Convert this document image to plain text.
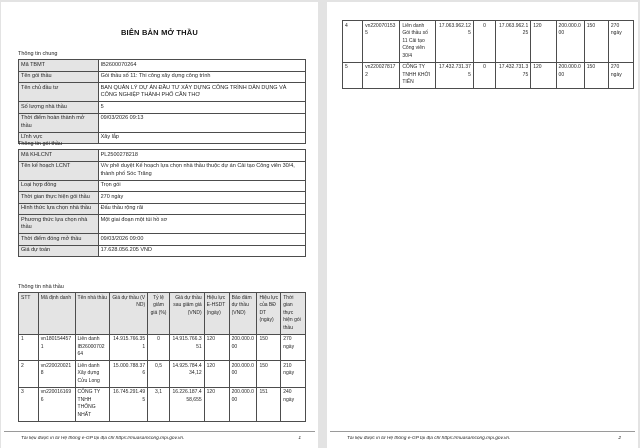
BIÊN BẢN MỞ THẦU
Thông tin chung
Mã TBMT	IB2600070264
Tên gói thầu	Gói thầu số 11: Thi công xây dựng công trình
Tên chủ đầu tư	BAN QUẢN LÝ DỰ ÁN ĐẦU TƯ XÂY DỰNG CÔNG TRÌNH DÂN DỤNG VÀ CÔNG NGHIỆP THÀNH PHỐ CẦN THƠ
Số lượng nhà thầu	5
Thời điểm hoàn thành mở thầu	09/03/2026 09:13
Lĩnh vực	Xây lắp
Thông tin gói thầu
Mã KHLCNT	PL2500278218
Tên kế hoạch LCNT	V/v phê duyệt Kế hoạch lựa chọn nhà thầu thuộc dự án Cải tạo Công viên 30/4, thành phố Sóc Trăng
Loại hợp đồng	Trọn gói
Thời gian thực hiện gói thầu	270 ngày
Hình thức lựa chọn nhà thầu	Đấu thầu rộng rãi
Phương thức lựa chọn nhà thầu	Một giai đoạn một túi hồ sơ
Thời điểm đóng mở thầu	09/03/2026 09:00
Giá dự toán	17.628.056.205 VND
Thông tin nhà thầu
STT	Mã định danh	Tên nhà thầu	Giá dự thầu (VND)	Tỷ lệ giảm giá (%)	Giá dự thầu sau giảm giá (VND)	Hiệu lực E-HSDT (ngày)	Bảo đảm dự thầu (VND)	Hiệu lực của BĐ DT (ngày)	Thời gian thực hiện gói thầu
1	vn1801544571	Liên danh IB2600070264	14.915.766.351	0	14.915.766.351	120	200.000.000	150	270 ngày
2	vn2200200218	Liên danh Xây dựng Cửu Long	15.000.788.376	0,5	14.925.784.434,12	120	200.000.000	150	210 ngày
3	vn2200161696	CÔNG TY TNHH THỐNG NHẤT	16.745.291.495	3,1	16.226.187.458,655	120	200.000.000	151	240 ngày
Tài liệu được in từ Hệ thống e-GP tại địa chỉ https://muasamcong.mpi.gov.vn.	1
4	vn2200701535	Liên danh Gói thầu số 11 Cải tạo Công viên 30/4	17.063.962.125	0	17.063.962.125	120	200.000.000	150	270 ngày
5	vn2200278172	CÔNG TY TNHH KHỞI TIẾN	17.432.731.375	0	17.432.731.375	120	200.000.000	150	270 ngày
Tài liệu được in từ Hệ thống e-GP tại địa chỉ https://muasamcong.mpi.gov.vn.	2
